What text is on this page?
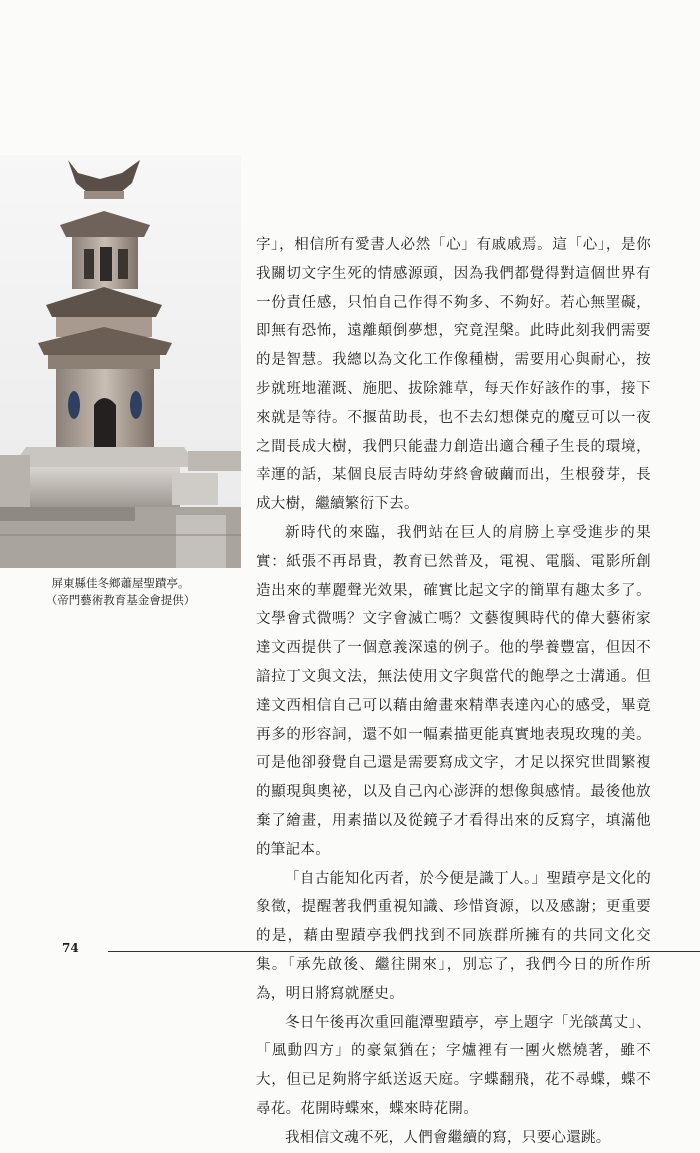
屏東縣佳冬鄉蕭屋聖蹟亭。
（帝門藝術教育基金會提供）

字」，相信所有愛書人必然「心」有戚戚焉。這「心」，是你我關切文字生死的情感源頭，因為我們都覺得對這個世界有一份責任感，只怕自己作得不夠多、不夠好。若心無罣礙，即無有恐怖，遠離顛倒夢想，究竟涅槃。此時此刻我們需要的是智慧。我總以為文化工作像種樹，需要用心與耐心，按步就班地灌溉、施肥、拔除雜草，每天作好該作的事，接下來就是等待。不揠苗助長，也不去幻想傑克的魔豆可以一夜之間長成大樹，我們只能盡力創造出適合種子生長的環境，幸運的話，某個良辰吉時幼芽終會破繭而出，生根發芽，長成大樹，繼續繁衍下去。

新時代的來臨，我們站在巨人的肩膀上享受進步的果實：紙張不再昂貴，教育已然普及，電視、電腦、電影所創造出來的華麗聲光效果，確實比起文字的簡單有趣太多了。文學會式微嗎？文字會滅亡嗎？文藝復興時代的偉大藝術家達文西提供了一個意義深遠的例子。他的學養豐富，但因不諳拉丁文與文法，無法使用文字與當代的飽學之士溝通。但達文西相信自己可以藉由繪畫來精準表達內心的感受，畢竟再多的形容詞，還不如一幅素描更能真實地表現玫瑰的美。可是他卻發覺自己還是需要寫成文字，才足以探究世間繁複的顯現與奧祕，以及自己內心澎湃的想像與感情。最後他放棄了繪畫，用素描以及從鏡子才看得出來的反寫字，填滿他的筆記本。

「自古能知化丙者，於今便是識丁人。」聖蹟亭是文化的象徵，提醒著我們重視知識、珍惜資源，以及感謝；更重要的是，藉由聖蹟亭我們找到不同族群所擁有的共同文化交集。「承先啟後、繼往開來」，別忘了，我們今日的所作所為，明日將寫就歷史。

冬日午後再次重回龍潭聖蹟亭，亭上題字「光燄萬丈」、「風動四方」的豪氣猶在；字爐裡有一團火燃燒著，雖不大，但已足夠將字紙送返天庭。字蝶翻飛，花不尋蝶，蝶不尋花。花開時蝶來，蝶來時花開。

我相信文魂不死，人們會繼續的寫，只要心還跳。

74
